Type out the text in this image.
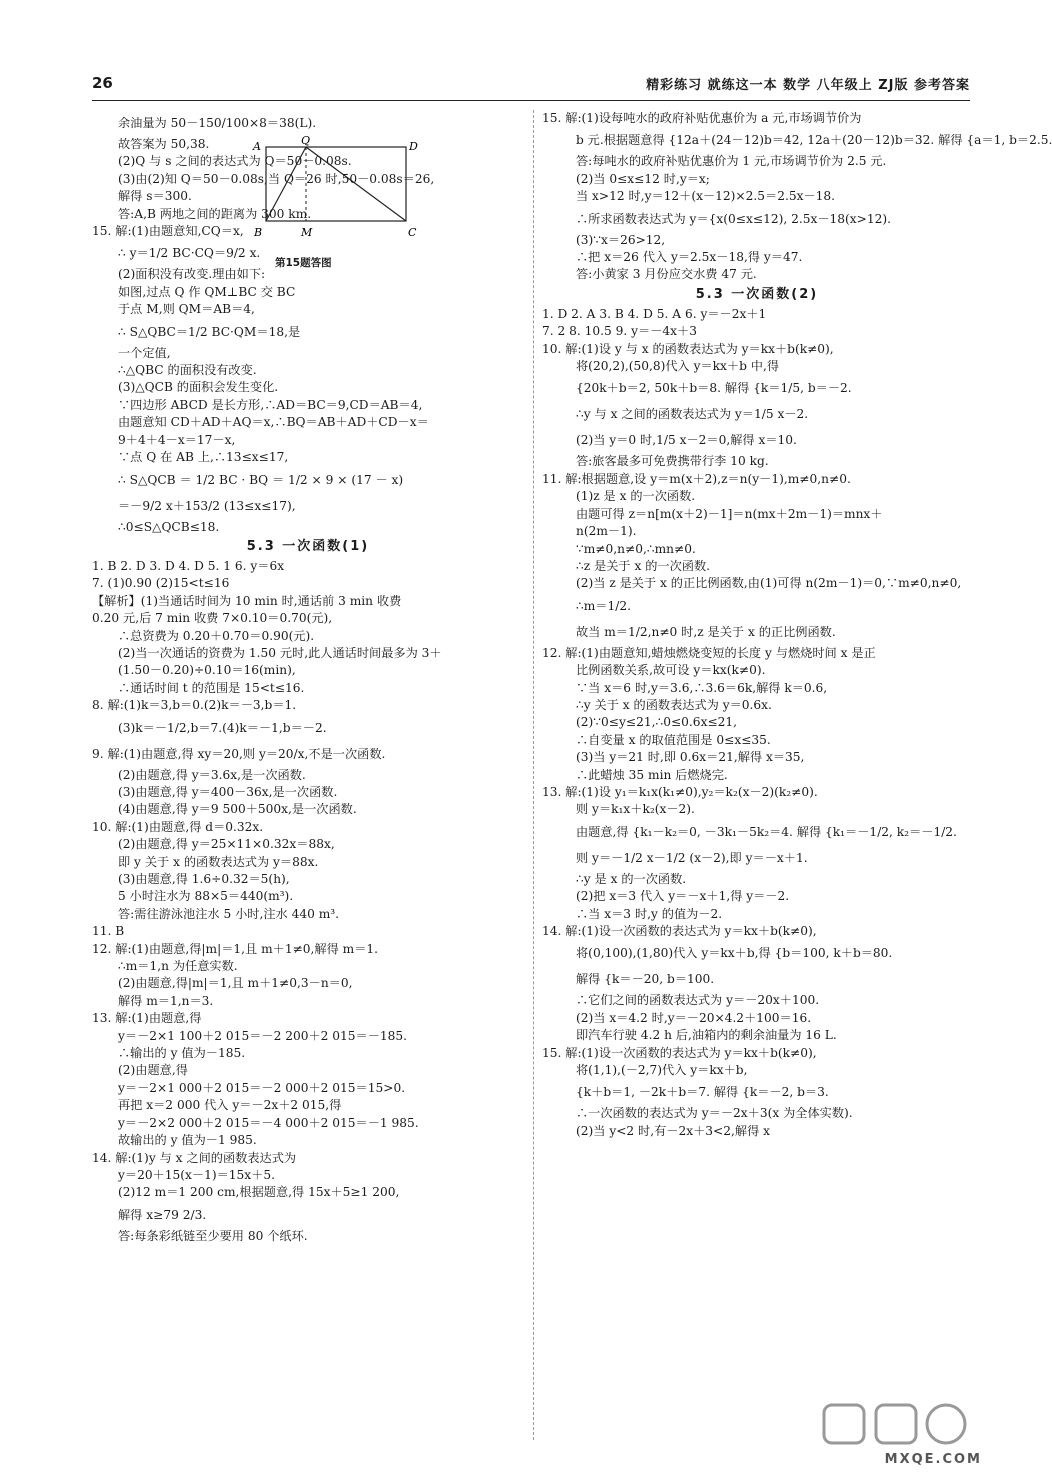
26	精彩练习 就练这一本 数学 八年级上 ZJ版 参考答案
余油量为 50－150/100×8＝38(L).
故答案为 50,38.
(2)Q 与 s 之间的表达式为 Q＝50－0.08s.
(3)由(2)知 Q＝50－0.08s,当 Q＝26 时,50－0.08s＝26,
解得 s＝300.
答:A,B 两地之间的距离为 300 km.
15. 解:(1)由题意知,CQ＝x,
∴ y＝1/2 BC·CQ＝9/2 x.
(2)面积没有改变.理由如下:
如图,过点 Q 作 QM⊥BC 交 BC
于点 M,则 QM＝AB＝4,
∴ S△QBC＝1/2 BC·QM＝18,是
一个定值,
∴△QBC 的面积没有改变.
(3)△QCB 的面积会发生变化.
∵四边形 ABCD 是长方形,∴AD＝BC＝9,CD＝AB＝4,
由题意知 CD＋AD＋AQ＝x,∴BQ＝AB＋AD＋CD－x＝
9＋4＋4－x＝17－x,
∵点 Q 在 AB 上,∴13≤x≤17,
∴ S△QCB ＝ 1/2 BC · BQ ＝ 1/2 × 9 × (17 － x)
＝－9/2 x＋153/2 (13≤x≤17),
∴0≤S△QCB≤18.
5.3 一次函数(1)
1. B 2. D 3. D 4. D 5. 1 6. y＝6x
7. (1)0.90 (2)15<t≤16
【解析】(1)当通话时间为 10 min 时,通话前 3 min 收费
0.20 元,后 7 min 收费 7×0.10＝0.70(元),
∴总资费为 0.20＋0.70＝0.90(元).
(2)当一次通话的资费为 1.50 元时,此人通话时间最多为 3＋
(1.50－0.20)÷0.10＝16(min),
∴通话时间 t 的范围是 15<t≤16.
8. 解:(1)k＝3,b＝0.(2)k＝－3,b＝1.
(3)k＝－1/2,b＝7.(4)k＝－1,b＝－2.
9. 解:(1)由题意,得 xy＝20,则 y＝20/x,不是一次函数.
(2)由题意,得 y＝3.6x,是一次函数.
(3)由题意,得 y＝400－36x,是一次函数.
(4)由题意,得 y＝9 500＋500x,是一次函数.
10. 解:(1)由题意,得 d＝0.32x.
(2)由题意,得 y＝25×11×0.32x＝88x,
即 y 关于 x 的函数表达式为 y＝88x.
(3)由题意,得 1.6÷0.32＝5(h),
5 小时注水为 88×5＝440(m³).
答:需往游泳池注水 5 小时,注水 440 m³.
11. B
12. 解:(1)由题意,得|m|＝1,且 m＋1≠0,解得 m＝1.
∴m＝1,n 为任意实数.
(2)由题意,得|m|＝1,且 m＋1≠0,3－n＝0,
解得 m＝1,n＝3.
13. 解:(1)由题意,得
y＝－2×1 100＋2 015＝－2 200＋2 015＝－185.
∴输出的 y 值为－185.
(2)由题意,得
y＝－2×1 000＋2 015＝－2 000＋2 015＝15>0.
再把 x＝2 000 代入 y＝－2x＋2 015,得
y＝－2×2 000＋2 015＝－4 000＋2 015＝－1 985.
故输出的 y 值为－1 985.
14. 解:(1)y 与 x 之间的函数表达式为
y＝20＋15(x－1)＝15x＋5.
(2)12 m＝1 200 cm,根据题意,得 15x＋5≥1 200,
解得 x≥79 2/3.
答:每条彩纸链至少要用 80 个纸环.
15. 解:(1)设每吨水的政府补贴优惠价为 a 元,市场调节价为
b 元.根据题意得 {12a＋(24－12)b＝42, 12a＋(20－12)b＝32. 解得 {a＝1, b＝2.5.
答:每吨水的政府补贴优惠价为 1 元,市场调节价为 2.5 元.
(2)当 0≤x≤12 时,y＝x;
当 x>12 时,y＝12＋(x－12)×2.5＝2.5x－18.
∴所求函数表达式为 y＝{x(0≤x≤12), 2.5x－18(x>12).
(3)∵x＝26>12,
∴把 x＝26 代入 y＝2.5x－18,得 y＝47.
答:小黄家 3 月份应交水费 47 元.
5.3 一次函数(2)
1. D 2. A 3. B 4. D 5. A 6. y＝－2x＋1
7. 2 8. 10.5 9. y＝－4x＋3
10. 解:(1)设 y 与 x 的函数表达式为 y＝kx＋b(k≠0),
将(20,2),(50,8)代入 y＝kx＋b 中,得
{20k＋b＝2, 50k＋b＝8. 解得 {k＝1/5, b＝－2.
∴y 与 x 之间的函数表达式为 y＝1/5 x－2.
(2)当 y＝0 时,1/5 x－2＝0,解得 x＝10.
答:旅客最多可免费携带行李 10 kg.
11. 解:根据题意,设 y＝m(x＋2),z＝n(y－1),m≠0,n≠0.
(1)z 是 x 的一次函数.
由题可得 z＝n[m(x＋2)－1]＝n(mx＋2m－1)＝mnx＋
n(2m－1).
∵m≠0,n≠0,∴mn≠0.
∴z 是关于 x 的一次函数.
(2)当 z 是关于 x 的正比例函数,由(1)可得 n(2m－1)＝0,∵m≠0,n≠0,
∴m＝1/2.
故当 m＝1/2,n≠0 时,z 是关于 x 的正比例函数.
12. 解:(1)由题意知,蜡烛燃烧变短的长度 y 与燃烧时间 x 是正
比例函数关系,故可设 y＝kx(k≠0).
∵当 x＝6 时,y＝3.6,∴3.6＝6k,解得 k＝0.6,
∴y 关于 x 的函数表达式为 y＝0.6x.
(2)∵0≤y≤21,∴0≤0.6x≤21,
∴自变量 x 的取值范围是 0≤x≤35.
(3)当 y＝21 时,即 0.6x＝21,解得 x＝35,
∴此蜡烛 35 min 后燃烧完.
13. 解:(1)设 y₁＝k₁x(k₁≠0),y₂＝k₂(x－2)(k₂≠0).
则 y＝k₁x＋k₂(x－2).
由题意,得 {k₁－k₂＝0, －3k₁－5k₂＝4. 解得 {k₁＝－1/2, k₂＝－1/2.
则 y＝－1/2 x－1/2 (x－2),即 y＝－x＋1.
∴y 是 x 的一次函数.
(2)把 x＝3 代入 y＝－x＋1,得 y＝－2.
∴当 x＝3 时,y 的值为－2.
14. 解:(1)设一次函数的表达式为 y＝kx＋b(k≠0),
将(0,100),(1,80)代入 y＝kx＋b,得 {b＝100, k＋b＝80.
解得 {k＝－20, b＝100.
∴它们之间的函数表达式为 y＝－20x＋100.
(2)当 x＝4.2 时,y＝－20×4.2＋100＝16.
即汽车行驶 4.2 h 后,油箱内的剩余油量为 16 L.
15. 解:(1)设一次函数的表达式为 y＝kx＋b(k≠0),
将(1,1),(－2,7)代入 y＝kx＋b,
{k＋b＝1, －2k＋b＝7. 解得 {k＝－2, b＝3.
∴一次函数的表达式为 y＝－2x＋3(x 为全体实数).
(2)当 y<2 时,有－2x＋3<2,解得 x
A	Q	D
B	M	C
第15题答图
MXQE.COM
